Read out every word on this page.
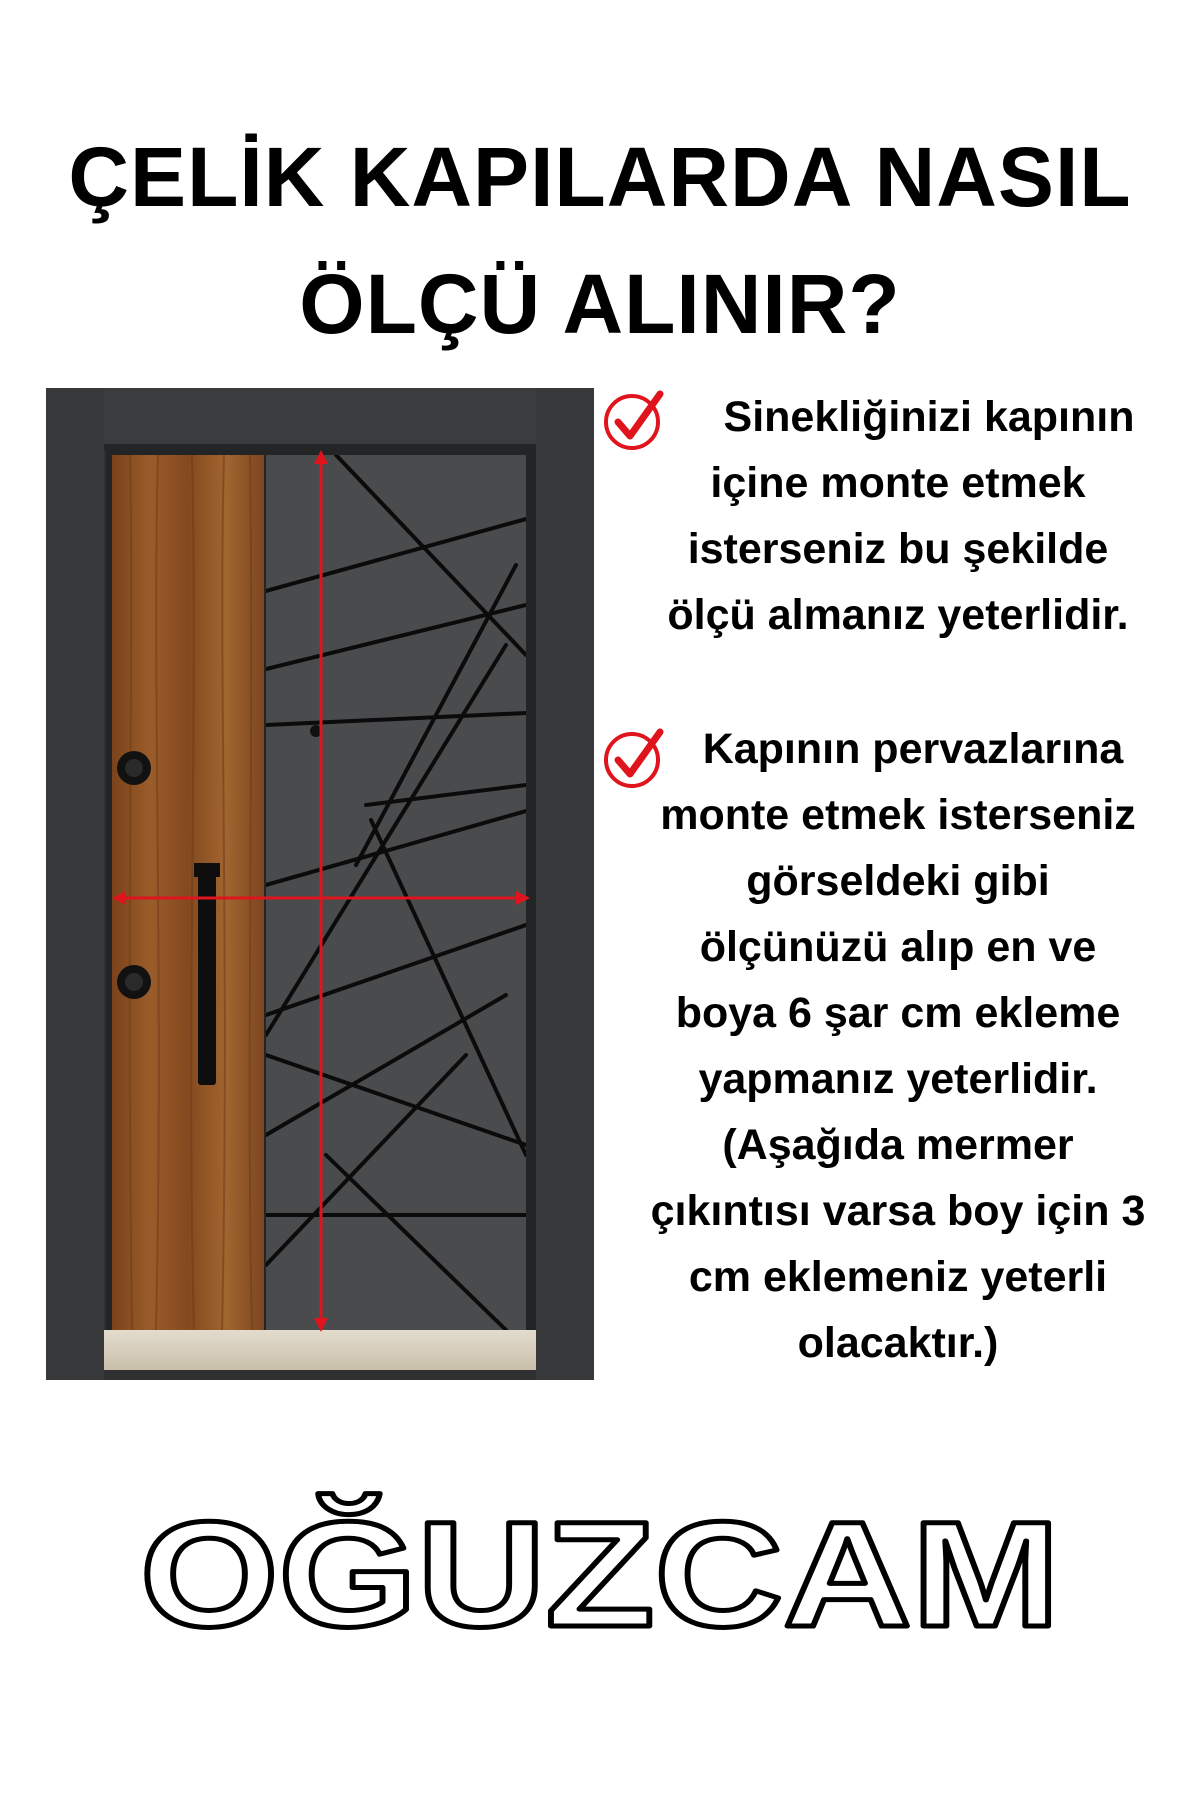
ÇELİK KAPILARDA NASIL
ÖLÇÜ ALINIR?
Sinekliğinizi kapının
içine monte etmek
isterseniz bu şekilde
ölçü almanız yeterlidir.
Kapının pervazlarına
monte etmek isterseniz
görseldeki gibi
ölçünüzü alıp en ve
boya 6 şar cm ekleme
yapmanız yeterlidir.
(Aşağıda mermer
çıkıntısı varsa boy için 3
cm eklemeniz yeterli
olacaktır.)
OĞUZCAM
